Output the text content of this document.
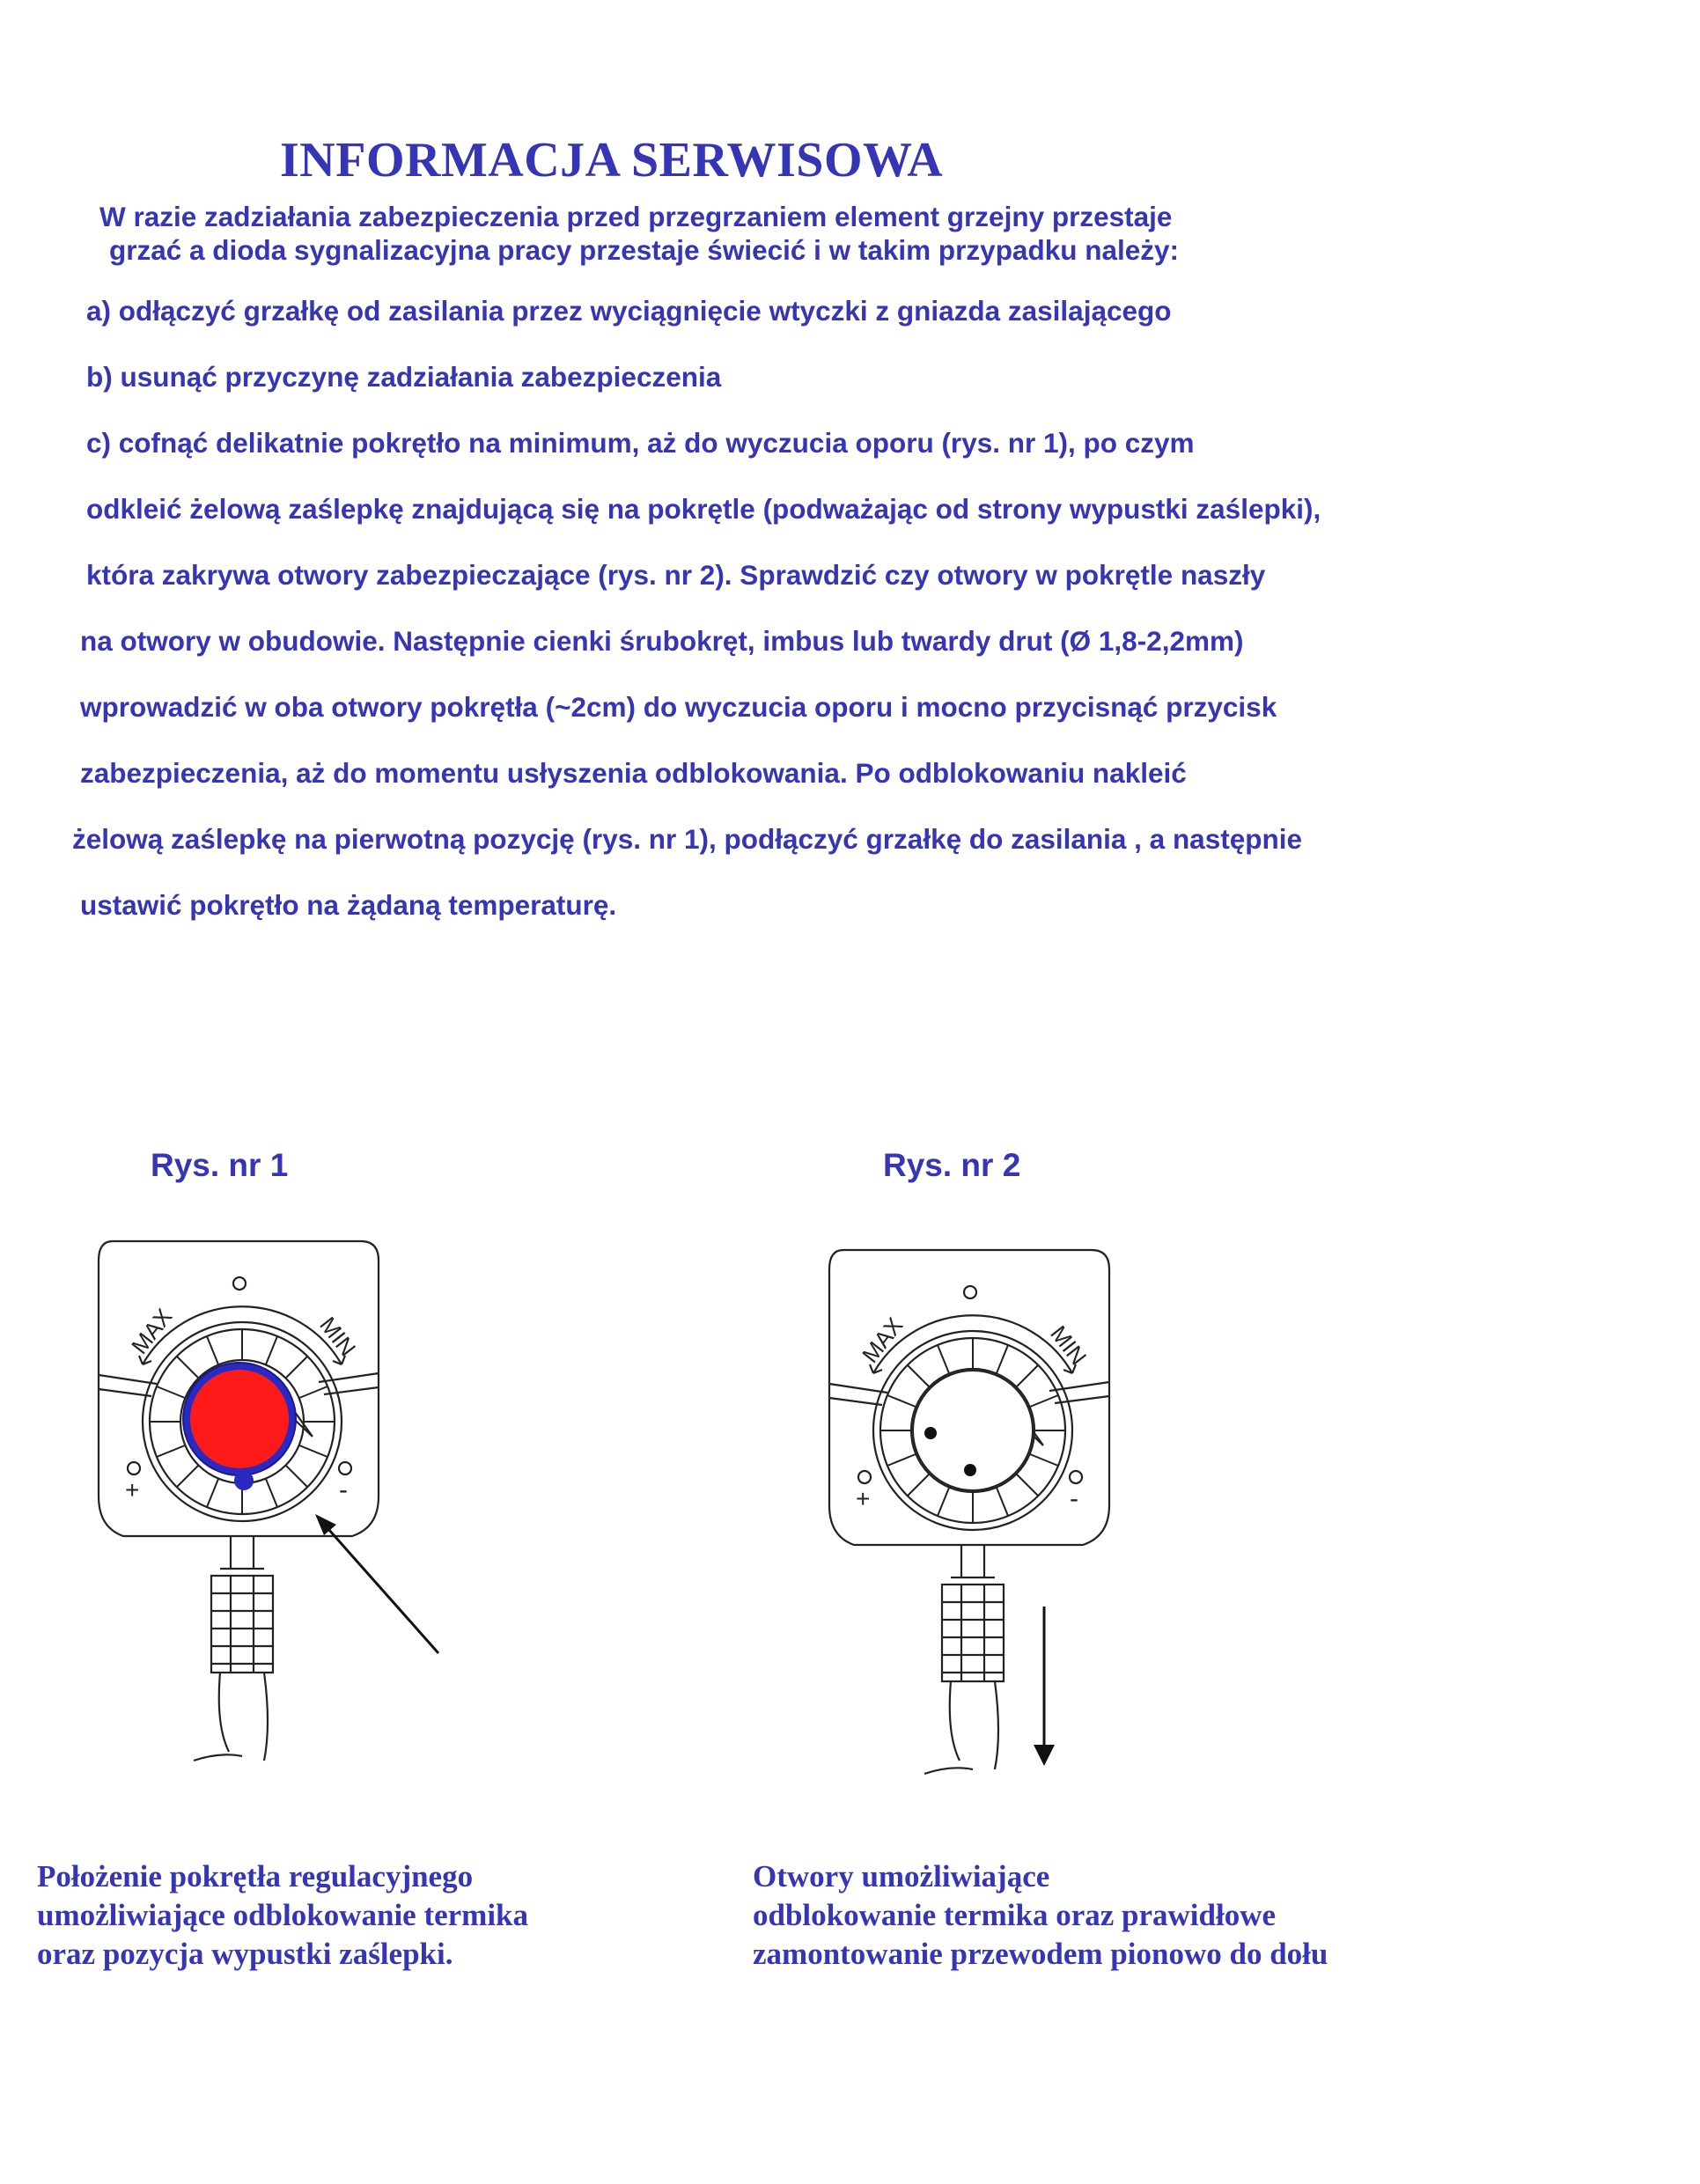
INFORMACJA SERWISOWA
W razie zadziałania zabezpieczenia przed przegrzaniem element grzejny przestaje
grzać a dioda sygnalizacyjna pracy przestaje świecić i w takim przypadku należy:
a) odłączyć grzałkę od zasilania przez wyciągnięcie wtyczki z gniazda zasilającego
b) usunąć przyczynę zadziałania zabezpieczenia
c) cofnąć delikatnie pokrętło na minimum, aż do wyczucia oporu (rys. nr 1), po czym
odkleić żelową zaślepkę znajdującą się na pokrętle (podważając od strony wypustki zaślepki),
która zakrywa otwory zabezpieczające (rys. nr 2). Sprawdzić czy otwory w pokrętle naszły
na otwory w obudowie. Następnie cienki śrubokręt, imbus lub twardy drut (Ø 1,8-2,2mm)
wprowadzić w oba otwory pokrętła (~2cm) do wyczucia oporu i mocno przycisnąć przycisk
zabezpieczenia, aż do momentu usłyszenia odblokowania. Po odblokowaniu nakleić
żelową zaślepkę na pierwotną pozycję (rys. nr 1), podłączyć grzałkę do zasilania , a następnie
ustawić pokrętło na żądaną temperaturę.
Rys. nr 1
MAX	MIN
+	-
Położenie pokrętła regulacyjnego
umożliwiające odblokowanie termika
oraz pozycja wypustki zaślepki.
Rys. nr 2
MAX	MIN
+	-
Otwory umożliwiające
odblokowanie termika oraz prawidłowe
zamontowanie przewodem pionowo do dołu
